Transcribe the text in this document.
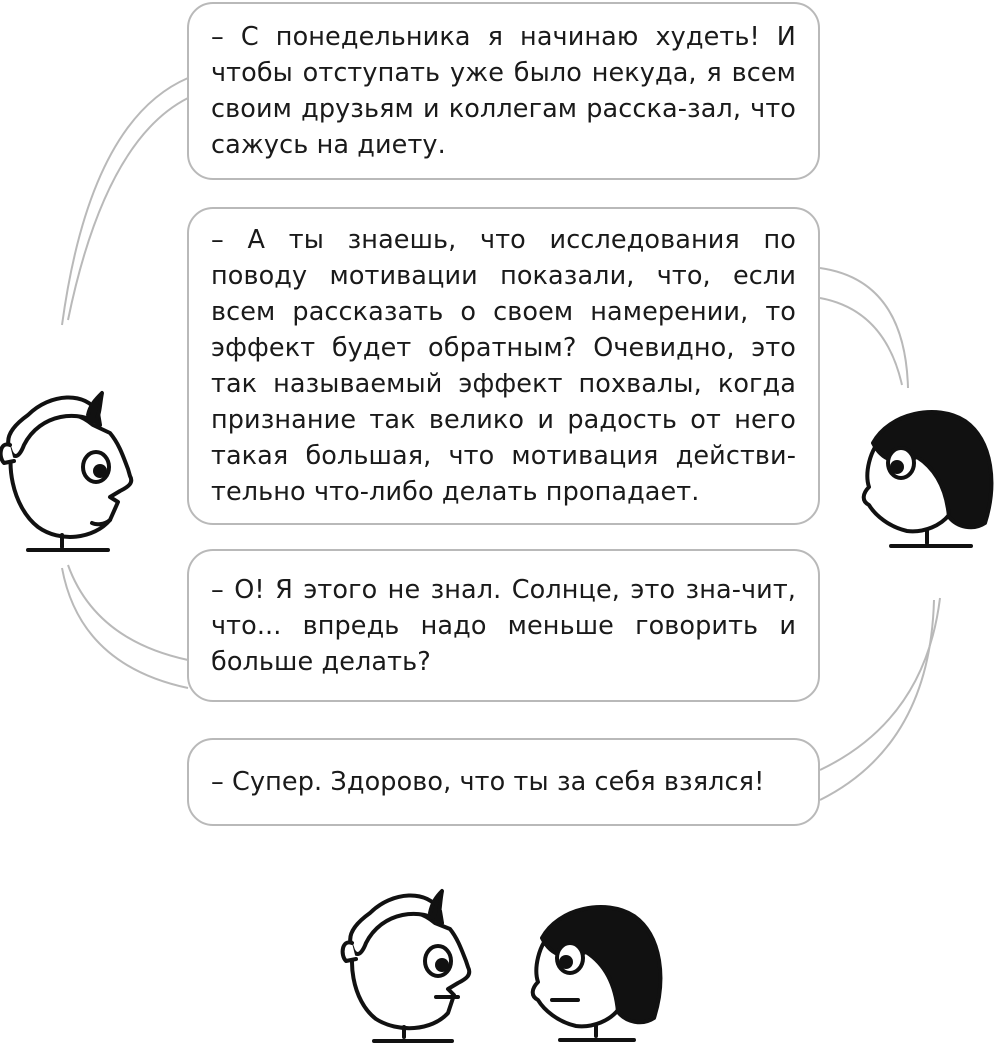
– С понедельника я начинаю худеть! И чтобы отступать уже было некуда, я всем своим друзьям и коллегам расска-зал, что сажусь на диету.

– А ты знаешь, что исследования по поводу мотивации показали, что, если всем рассказать о своем намерении, то эффект будет обратным? Очевидно, это так называемый эффект похвалы, когда признание так велико и радость от него такая большая, что мотивация действи-тельно что-либо делать пропадает.

– О! Я этого не знал. Солнце, это зна-чит, что... впредь надо меньше говорить и больше делать?

– Супер. Здорово, что ты за себя взялся!
